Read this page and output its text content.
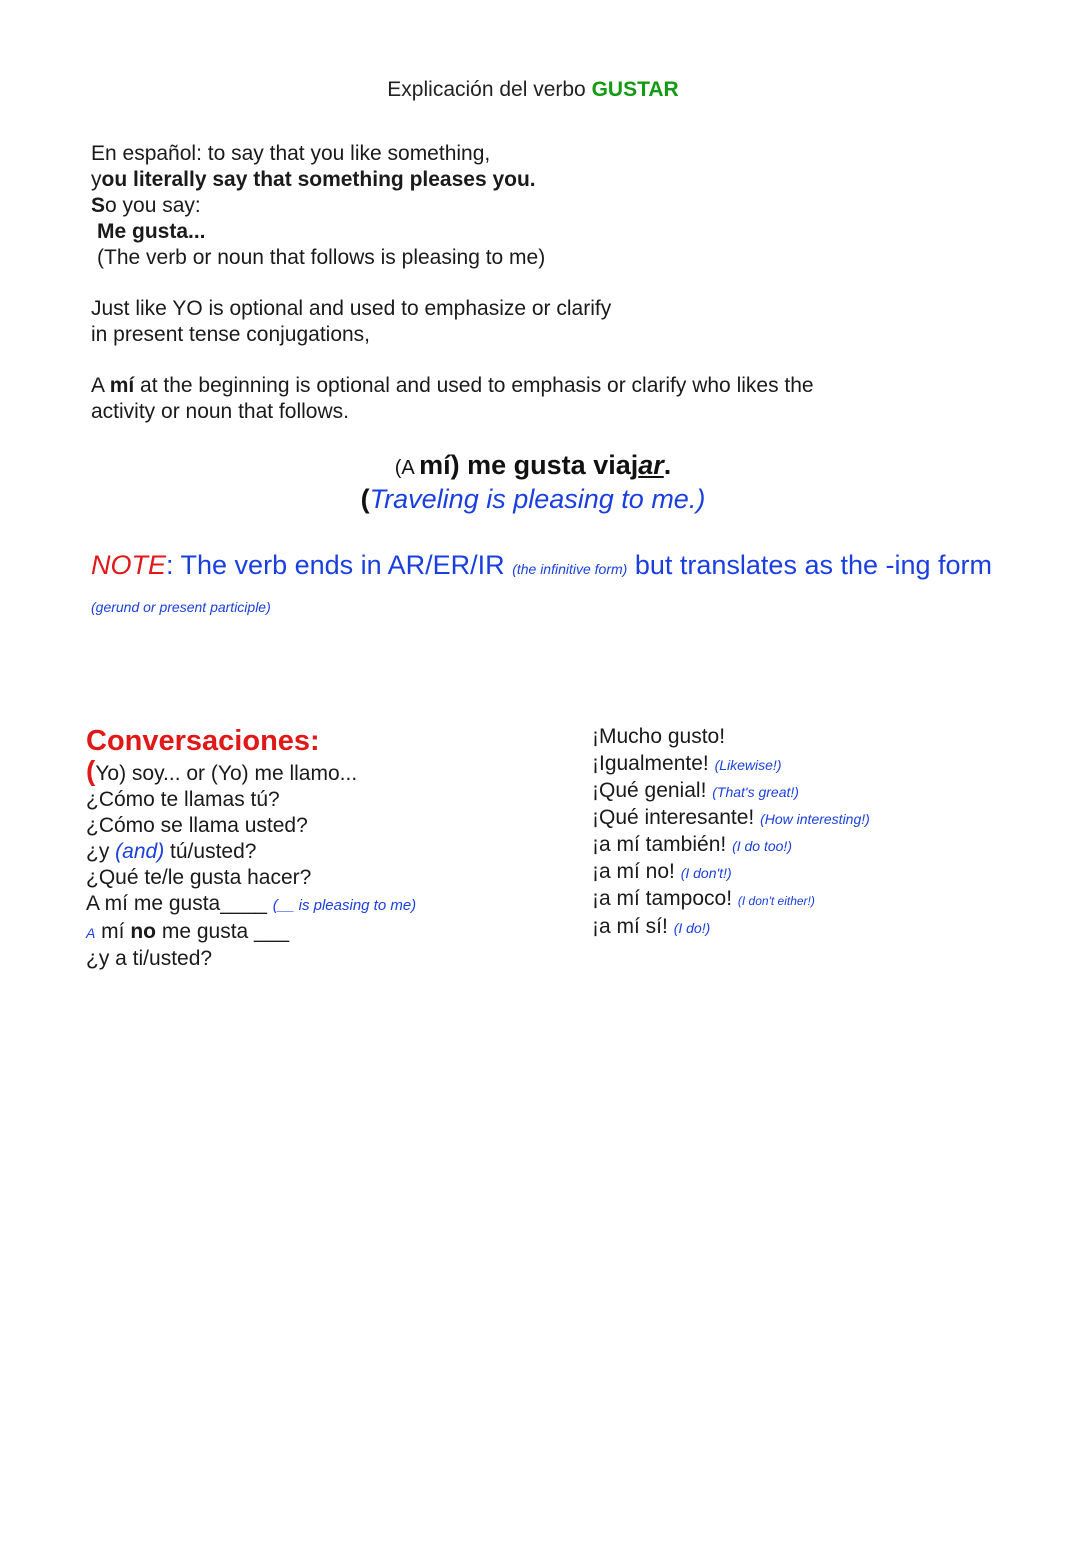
Explicación del verbo GUSTAR
En español: to say that you like something,
you literally say that something pleases you.
So you say:
Me gusta...
(The verb or noun that follows is pleasing to me)
Just like YO is optional and used to emphasize or clarify
in present tense conjugations,
A mí at the beginning is optional and used to emphasis or clarify who likes the
activity or noun that follows.
(A mí) me gusta viajar.
(Traveling is pleasing to me.)
NOTE: The verb ends in AR/ER/IR (the infinitive form) but translates as the -ing form (gerund or present participle)
Conversaciones:
(Yo) soy... or (Yo) me llamo...
¿Cómo te llamas tú?
¿Cómo se llama usted?
¿y (and) tú/usted?
¿Qué te/le gusta hacer?
A mí me gusta____ (__ is pleasing to me)
A mí no me gusta ___
¿y a ti/usted?
¡Mucho gusto!
¡Igualmente! (Likewise!)
¡Qué genial! (That's great!)
¡Qué interesante! (How interesting!)
¡a mí también! (I do too!)
¡a mí no! (I don't!)
¡a mí tampoco! (I don't either!)
¡a mí sí! (I do!)
